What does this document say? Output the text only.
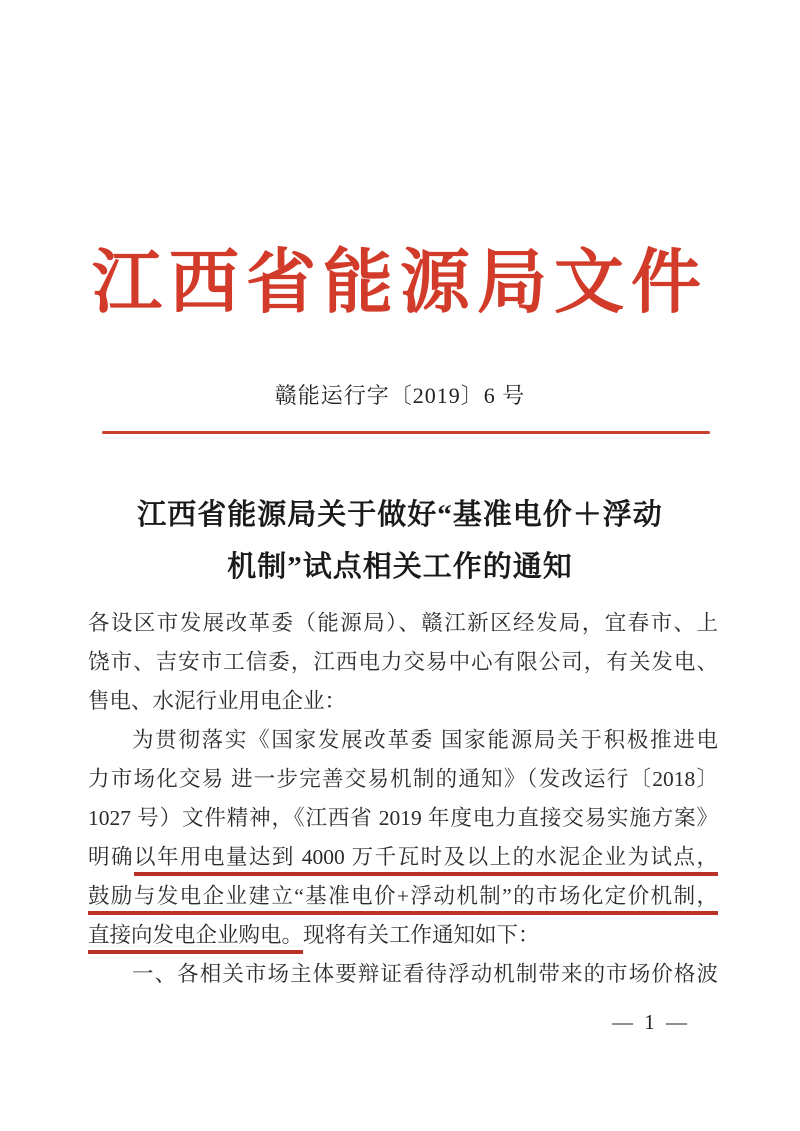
江西省能源局文件
赣能运行字〔2019〕6 号
江西省能源局关于做好“基准电价＋浮动
机制”试点相关工作的通知
各设区市发展改革委（能源局）、赣江新区经发局，宜春市、上
饶市、吉安市工信委，江西电力交易中心有限公司，有关发电、
售电、水泥行业用电企业：
为贯彻落实《国家发展改革委 国家能源局关于积极推进电
力市场化交易 进一步完善交易机制的通知》（发改运行〔2018〕
1027 号）文件精神，《江西省 2019 年度电力直接交易实施方案》
明确以年用电量达到 4000 万千瓦时及以上的水泥企业为试点，
鼓励与发电企业建立“基准电价+浮动机制”的市场化定价机制，
直接向发电企业购电。现将有关工作通知如下：
一、各相关市场主体要辩证看待浮动机制带来的市场价格波
— 1 —
